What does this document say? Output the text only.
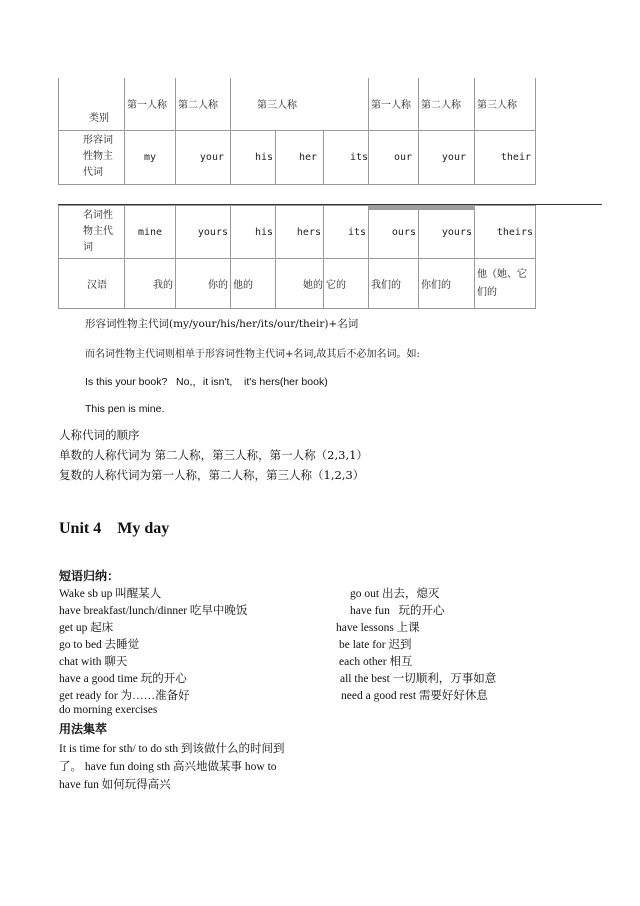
类别	第一人称	第二人称	第三人称			第一人称	第二人称	第三人称

形容词性物主代词	my	your	his	her	its	our	your	their
名词性物主代词	mine	yours	his	hers	its	ours	yours	theirs
汉语	我的	你的	他的	她的	它的	我们的	你们的	他（她、它们的
形容词性物主代词(my/your/his/her/its/our/their)+名词
而名词性物主代词则相单于形容词性物主代词+名词,故其后不必加名词。如:
Is this your book?   No,，it isn't,    it's hers(her book)
This pen is mine.
人称代词的顺序
单数的人称代词为 第二人称，第三人称，第一人称（2,3,1）
复数的人称代词为第一人称，第二人称，第三人称（1,2,3）
Unit 4    My day
短语归纳：
Wake sb up 叫醒某人
have breakfast/lunch/dinner 吃早中晚饭
get up 起床
go to bed 去睡觉
chat with 聊天
have a good time 玩的开心
get ready for 为……准备好
do morning exercises
go out 出去，熄灭
have fun   玩的开心
have lessons 上课
be late for 迟到
each other 相互
all the best 一切顺利，万事如意
need a good rest 需要好好休息
用法集萃
It is time for sth/ to do sth 到该做什么的时间到
了。 have fun doing sth 高兴地做某事 how to
have fun 如何玩得高兴
